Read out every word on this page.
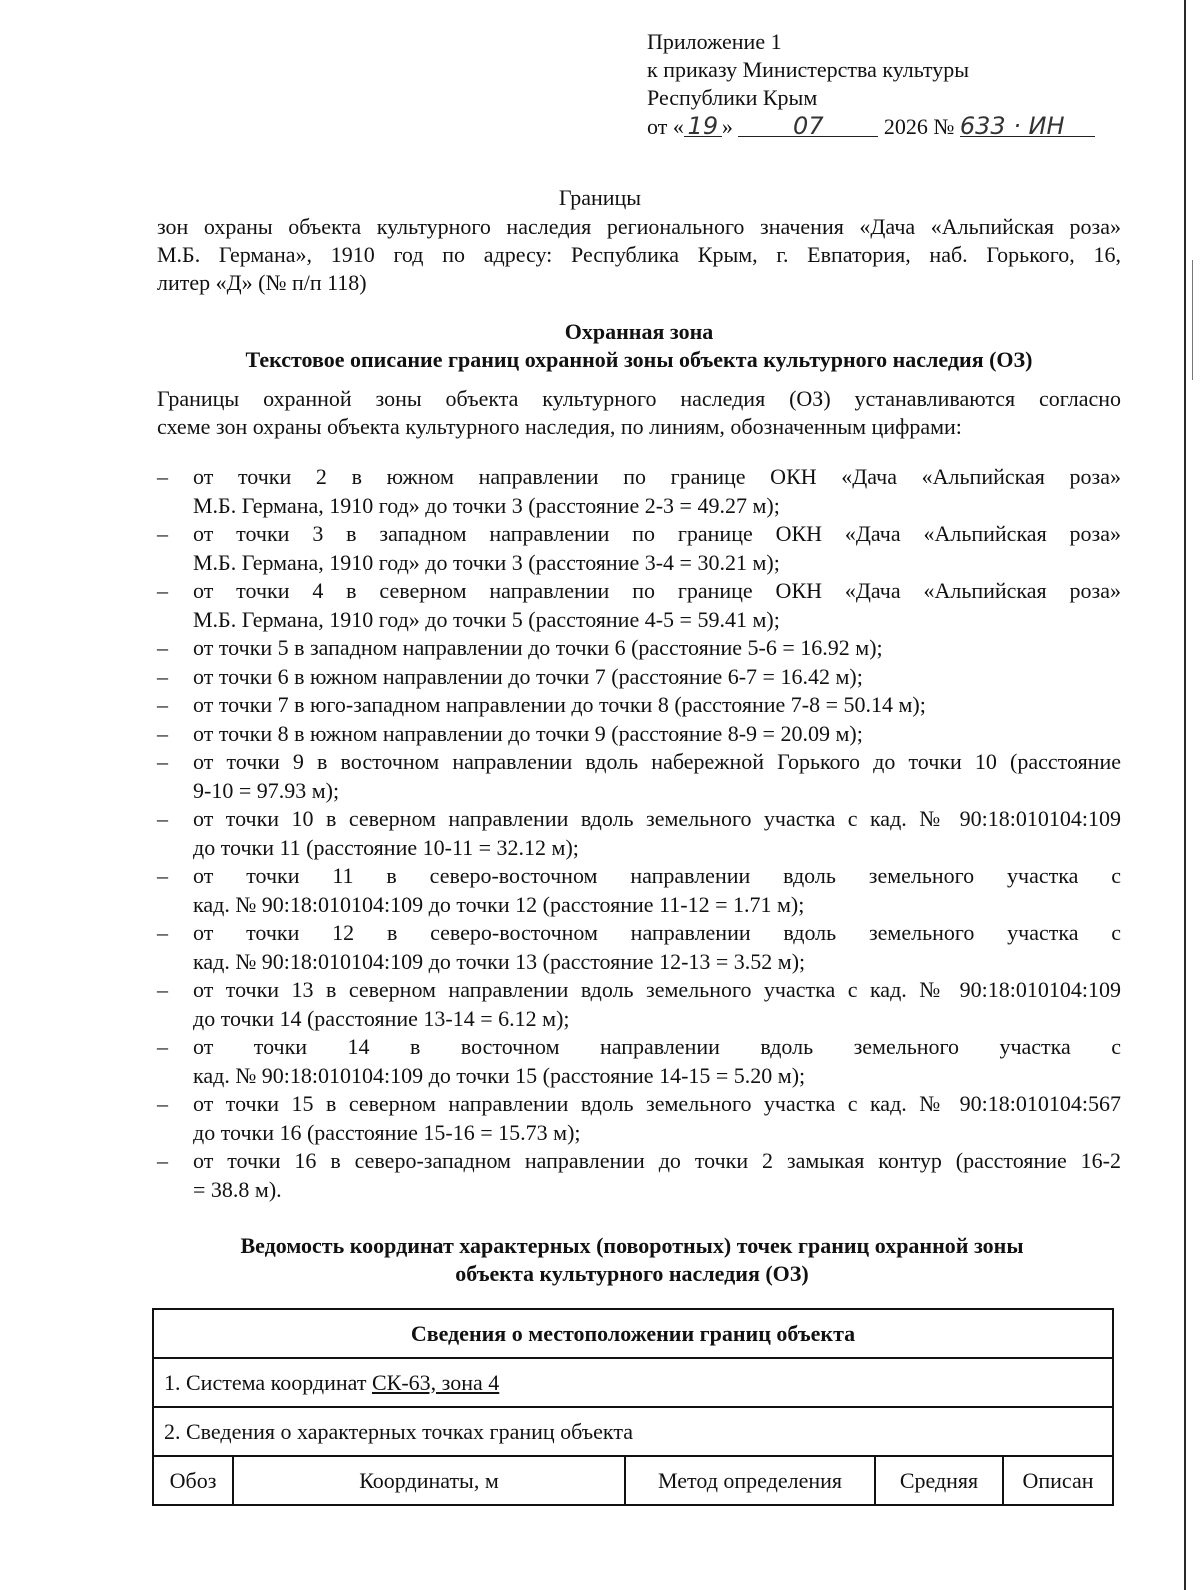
Приложение 1
к приказу Министерства культуры
Республики Крым
от « 19 »	07	2026 № 633 · ИН
Границы
зон охраны объекта культурного наследия регионального значения «Дача «Альпийская роза»
М.Б. Германа», 1910 год по адресу: Республика Крым, г. Евпатория, наб. Горького, 16,
литер «Д» (№ п/п 118)
Охранная зона
Текстовое описание границ охранной зоны объекта культурного наследия (ОЗ)
Границы охранной зоны объекта культурного наследия (ОЗ) устанавливаются согласно
схеме зон охраны объекта культурного наследия, по линиям, обозначенным цифрами:
– от точки 2 в южном направлении по границе ОКН «Дача «Альпийская роза»
М.Б. Германа, 1910 год» до точки 3 (расстояние 2-3 = 49.27 м);
– от точки 3 в западном направлении по границе ОКН «Дача «Альпийская роза»
М.Б. Германа, 1910 год» до точки 3 (расстояние 3-4 = 30.21 м);
– от точки 4 в северном направлении по границе ОКН «Дача «Альпийская роза»
М.Б. Германа, 1910 год» до точки 5 (расстояние 4-5 = 59.41 м);
– от точки 5 в западном направлении до точки 6 (расстояние 5-6 = 16.92 м);
– от точки 6 в южном направлении до точки 7 (расстояние 6-7 = 16.42 м);
– от точки 7 в юго-западном направлении до точки 8 (расстояние 7-8 = 50.14 м);
– от точки 8 в южном направлении до точки 9 (расстояние 8-9 = 20.09 м);
– от точки 9 в восточном направлении вдоль набережной Горького до точки 10 (расстояние
9-10 = 97.93 м);
– от точки 10 в северном направлении вдоль земельного участка с кад. № 90:18:010104:109
до точки 11 (расстояние 10-11 = 32.12 м);
– от точки 11 в северо-восточном направлении вдоль земельного участка с
кад. № 90:18:010104:109 до точки 12 (расстояние 11-12 = 1.71 м);
– от точки 12 в северо-восточном направлении вдоль земельного участка с
кад. № 90:18:010104:109 до точки 13 (расстояние 12-13 = 3.52 м);
– от точки 13 в северном направлении вдоль земельного участка с кад. № 90:18:010104:109
до точки 14 (расстояние 13-14 = 6.12 м);
– от точки 14 в восточном направлении вдоль земельного участка с
кад. № 90:18:010104:109 до точки 15 (расстояние 14-15 = 5.20 м);
– от точки 15 в северном направлении вдоль земельного участка с кад. № 90:18:010104:567
до точки 16 (расстояние 15-16 = 15.73 м);
– от точки 16 в северо-западном направлении до точки 2 замыкая контур (расстояние 16-2
= 38.8 м).
Ведомость координат характерных (поворотных) точек границ охранной зоны
объекта культурного наследия (ОЗ)
Сведения о местоположении границ объекта
1. Система координат СК-63, зона 4
2. Сведения о характерных точках границ объекта
Обоз	Координаты, м	Метод определения	Средняя	Описан
